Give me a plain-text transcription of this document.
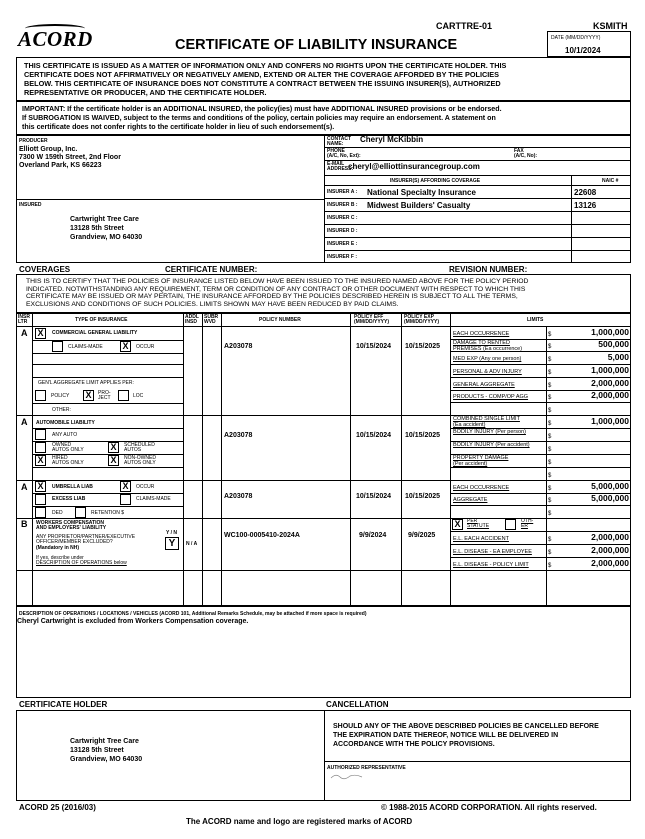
ACORD
CARTTRE-01	KSMITH
CERTIFICATE OF LIABILITY INSURANCE	DATE (MM/DD/YYYY)
10/1/2024
THIS CERTIFICATE IS ISSUED AS A MATTER OF INFORMATION ONLY AND CONFERS NO RIGHTS UPON THE CERTIFICATE HOLDER. THIS
CERTIFICATE DOES NOT AFFIRMATIVELY OR NEGATIVELY AMEND, EXTEND OR ALTER THE COVERAGE AFFORDED BY THE POLICIES
BELOW. THIS CERTIFICATE OF INSURANCE DOES NOT CONSTITUTE A CONTRACT BETWEEN THE ISSUING INSURER(S), AUTHORIZED
REPRESENTATIVE OR PRODUCER, AND THE CERTIFICATE HOLDER.
IMPORTANT: If the certificate holder is an ADDITIONAL INSURED, the policy(ies) must have ADDITIONAL INSURED provisions or be endorsed.
If SUBROGATION IS WAIVED, subject to the terms and conditions of the policy, certain policies may require an endorsement. A statement on
this certificate does not confer rights to the certificate holder in lieu of such endorsement(s).
PRODUCER
Elliott Group, Inc.
7300 W 159th Street, 2nd Floor
Overland Park, KS 66223
CONTACT
NAME:	Cheryl McKibbin
PHONE
(A/C, No, Ext):
FAX
(A/C, No):
E-MAIL
ADDRESS:
cheryl@elliottinsurancegroup.com
INSURER(S) AFFORDING COVERAGE	NAIC #
INSURER A : National Specialty Insurance	22608
INSURER B : Midwest Builders' Casualty	13126
INSURER C :
INSURER D :
INSURER E :
INSURER F :
INSURED
Cartwright Tree Care
13128 5th Street
Grandview, MO 64030
COVERAGES	CERTIFICATE NUMBER:	REVISION NUMBER:
THIS IS TO CERTIFY THAT THE POLICIES OF INSURANCE LISTED BELOW HAVE BEEN ISSUED TO THE INSURED NAMED ABOVE FOR THE POLICY PERIOD
INDICATED. NOTWITHSTANDING ANY REQUIREMENT, TERM OR CONDITION OF ANY CONTRACT OR OTHER DOCUMENT WITH RESPECT TO WHICH THIS
CERTIFICATE MAY BE ISSUED OR MAY PERTAIN, THE INSURANCE AFFORDED BY THE POLICIES DESCRIBED HEREIN IS SUBJECT TO ALL THE TERMS,
EXCLUSIONS AND CONDITIONS OF SUCH POLICIES. LIMITS SHOWN MAY HAVE BEEN REDUCED BY PAID CLAIMS.
INSR
LTR	TYPE OF INSURANCE	ADDL
INSD
SUBR
WVD	POLICY NUMBER	POLICY EFF
(MM/DD/YYYY)
POLICY EXP
(MM/DD/YYYY)	LIMITS
A X	COMMERCIAL GENERAL LIABILITY
CLAIMS-MADE X	OCCUR
GEN'L AGGREGATE LIMIT APPLIES PER:
POLICY X	PRO-
JECT	LOC
OTHER:
A203078	10/15/2024 10/15/2025
EACH OCCURRENCE	$	1,000,000
DAMAGE TO RENTED
PREMISES (Ea occurrence)	$	500,000
MED EXP (Any one person)	$	5,000
PERSONAL & ADV INJURY	$	1,000,000
GENERAL AGGREGATE	$	2,000,000
PRODUCTS - COMP/OP AGG	$	2,000,000
$
A AUTOMOBILE LIABILITY
ANY AUTO
OWNED
AUTOS ONLY	X	SCHEDULED
AUTOS
X	HIRED
AUTOS ONLY	X	NON-OWNED
AUTOS ONLY
A203078	10/15/2024 10/15/2025
COMBINED SINGLE LIMIT
(Ea accident)	$	1,000,000
BODILY INJURY (Per person)
$
BODILY INJURY (Per accident)
$
PROPERTY DAMAGE
(Per accident)	$
$
A X	UMBRELLA LIAB	X	OCCUR
EXCESS LIAB	CLAIMS-MADE
DED	RETENTION $
A203078	10/15/2024 10/15/2025
EACH OCCURRENCE	$	5,000,000
AGGREGATE	$	5,000,000
$
B WORKERS COMPENSATION
AND EMPLOYERS' LIABILITY
Y / N
ANY PROPRIETOR/PARTNER/EXECUTIVE
OFFICER/MEMBER EXCLUDED?
(Mandatory in NH)	Y
If yes, describe under
DESCRIPTION OF OPERATIONS below
N / A
WC100-0005410-2024A	9/9/2024	9/9/2025
X	PER
STATUTE
OTH-
ER
E.L. EACH ACCIDENT	$	2,000,000
E.L. DISEASE - EA EMPLOYEE	$	2,000,000
E.L. DISEASE - POLICY LIMIT	$	2,000,000
DESCRIPTION OF OPERATIONS / LOCATIONS / VEHICLES (ACORD 101, Additional Remarks Schedule, may be attached if more space is required)
Cheryl Cartwright is excluded from Workers Compensation coverage.
CERTIFICATE HOLDER	CANCELLATION
Cartwright Tree Care
13128 5th Street
Grandview, MO 64030
SHOULD ANY OF THE ABOVE DESCRIBED POLICIES BE CANCELLED BEFORE
THE EXPIRATION DATE THEREOF, NOTICE WILL BE DELIVERED IN
ACCORDANCE WITH THE POLICY PROVISIONS.
AUTHORIZED REPRESENTATIVE
ACORD 25 (2016/03)	© 1988-2015 ACORD CORPORATION. All rights reserved.
The ACORD name and logo are registered marks of ACORD
